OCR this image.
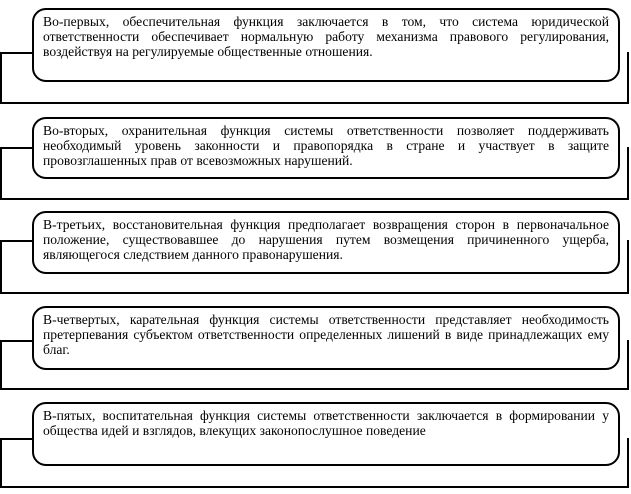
Во-первых, обеспечительная функция заключается в том, что система юридической ответственности обеспечивает нормальную работу механизма правового регулирования, воздействуя на регулируемые общественные отношения.
Во-вторых, охранительная функция системы ответственности позволяет поддерживать необходимый уровень законности и правопорядка в стране и участвует в защите провозглашенных прав от всевозможных нарушений.
В-третьих, восстановительная функция предполагает возвращения сторон в первоначальное положение, существовавшее до нарушения путем возмещения причиненного ущерба, являющегося следствием данного правонарушения.
В-четвертых, карательная функция системы ответственности представляет необходимость претерпевания субъектом ответственности определенных лишений в виде принадлежащих ему благ.
В-пятых, воспитательная функция системы ответственности заключается в формировании у общества идей и взглядов, влекущих законопослушное поведение
